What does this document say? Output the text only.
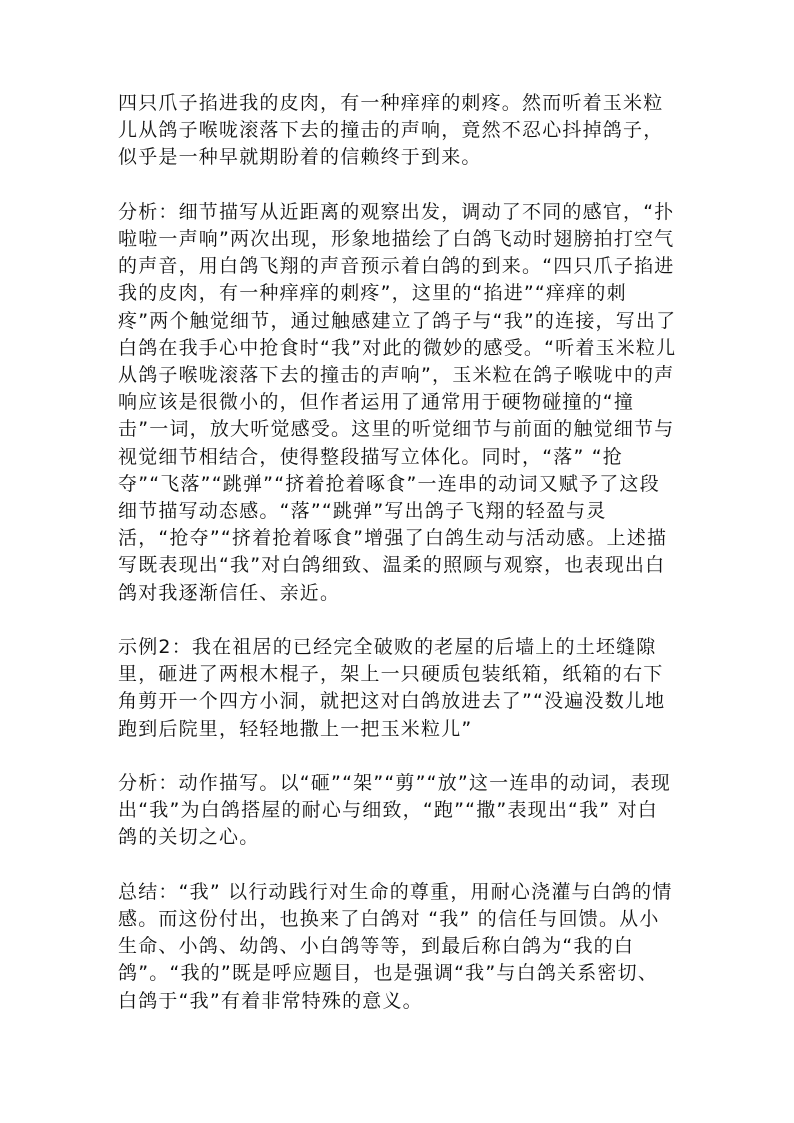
四只爪子掐进我的皮肉，有一种痒痒的刺疼。然而听着玉米粒儿从鸽子喉咙滚落下去的撞击的声响，竟然不忍心抖掉鸽子，似乎是一种早就期盼着的信赖终于到来。

分析：细节描写从近距离的观察出发，调动了不同的感官，“扑啦啦一声响”两次出现，形象地描绘了白鸽飞动时翅膀拍打空气的声音，用白鸽飞翔的声音预示着白鸽的到来。“四只爪子掐进我的皮肉，有一种痒痒的刺疼”，这里的“掐进”“痒痒的刺疼”两个触觉细节，通过触感建立了鸽子与“我”的连接，写出了白鸽在我手心中抢食时“我”对此的微妙的感受。“听着玉米粒儿从鸽子喉咙滚落下去的撞击的声响”，玉米粒在鸽子喉咙中的声响应该是很微小的，但作者运用了通常用于硬物碰撞的“撞击”一词，放大听觉感受。这里的听觉细节与前面的触觉细节与视觉细节相结合，使得整段描写立体化。同时，“落” “抢夺”“飞落”“跳弹”“挤着抢着啄食”一连串的动词又赋予了这段细节描写动态感。“落”“跳弹”写出鸽子飞翔的轻盈与灵活，“抢夺”“挤着抢着啄食”增强了白鸽生动与活动感。上述描写既表现出“我”对白鸽细致、温柔的照顾与观察，也表现出白鸽对我逐渐信任、亲近。

示例2：我在祖居的已经完全破败的老屋的后墙上的土坯缝隙里，砸进了两根木棍子，架上一只硬质包装纸箱，纸箱的右下角剪开一个四方小洞，就把这对白鸽放进去了”“没遍没数儿地跑到后院里，轻轻地撒上一把玉米粒儿”

分析：动作描写。以“砸”“架”“剪”“放”这一连串的动词，表现出“我”为白鸽搭屋的耐心与细致，“跑”“撒”表现出“我” 对白鸽的关切之心。

总结：“我” 以行动践行对生命的尊重，用耐心浇灌与白鸽的情感。而这份付出，也换来了白鸽对 “我” 的信任与回馈。从小生命、小鸽、幼鸽、小白鸽等等，到最后称白鸽为“我的白鸽”。“我的”既是呼应题目，也是强调“我”与白鸽关系密切、白鸽于“我”有着非常特殊的意义。
